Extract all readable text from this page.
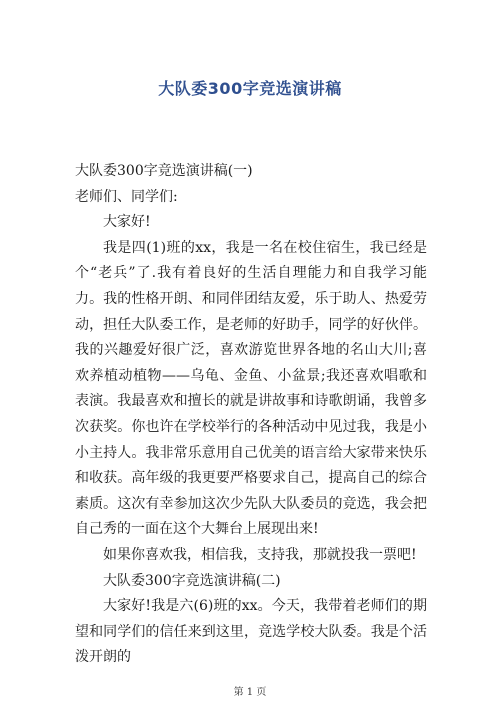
大队委300字竞选演讲稿

大队委300字竞选演讲稿(一)

老师们、同学们:

大家好!

我是四(1)班的xx，我是一名在校住宿生，我已经是个“老兵”了.我有着良好的生活自理能力和自我学习能力。我的性格开朗、和同伴团结友爱，乐于助人、热爱劳动，担任大队委工作，是老师的好助手，同学的好伙伴。我的兴趣爱好很广泛，喜欢游览世界各地的名山大川;喜欢养植动植物——乌龟、金鱼、小盆景;我还喜欢唱歌和表演。我最喜欢和擅长的就是讲故事和诗歌朗诵，我曾多次获奖。你也许在学校举行的各种活动中见过我，我是小小主持人。我非常乐意用自己优美的语言给大家带来快乐和收获。高年级的我更要严格要求自己，提高自己的综合素质。这次有幸参加这次少先队大队委员的竞选，我会把自己秀的一面在这个大舞台上展现出来!

如果你喜欢我，相信我，支持我，那就投我一票吧!

大队委300字竞选演讲稿(二)

大家好!我是六(6)班的xx。今天，我带着老师们的期望和同学们的信任来到这里，竞选学校大队委。我是个活泼开朗的

第 1 页
